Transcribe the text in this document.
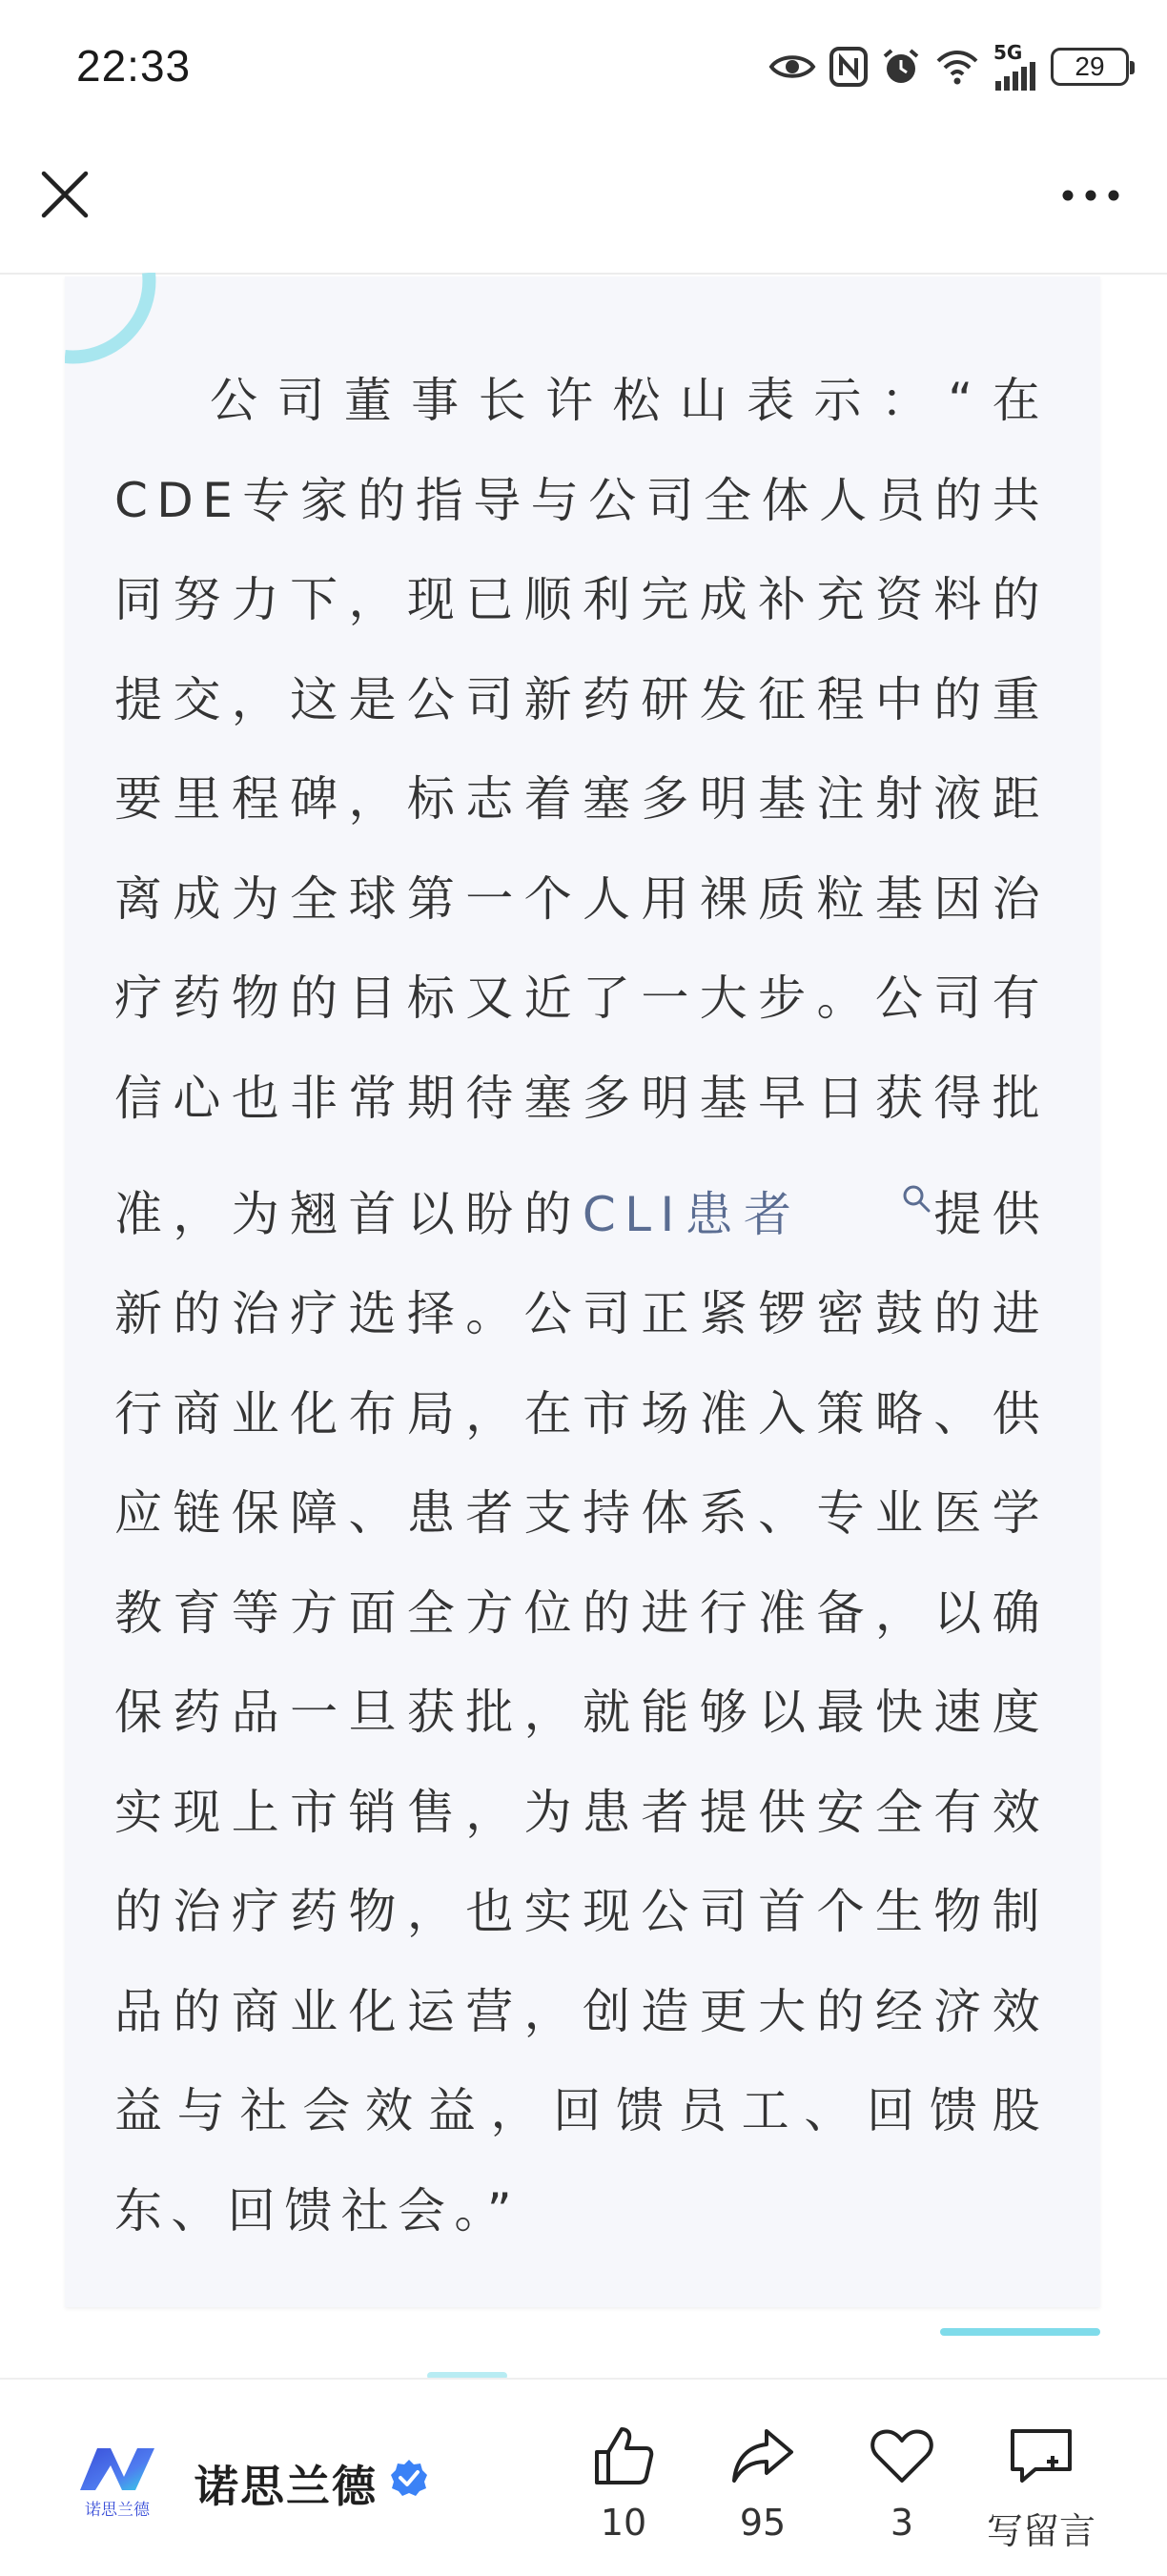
22:33	5G 29
公司董事长许松山表示：“在CDE专家的指导与公司全体人员的共同努力下，现已顺利完成补充资料的提交，这是公司新药研发征程中的重要里程碑，标志着塞多明基注射液距离成为全球第一个人用裸质粒基因治疗药物的目标又近了一大步。公司有信心也非常期待塞多明基早日获得批准，为翘首以盼的CLI患者	提供新的治疗选择。公司正紧锣密鼓的进行商业化布局，在市场准入策略、供应链保障、患者支持体系、专业医学教育等方面全方位的进行准备，以确保药品一旦获批，就能够以最快速度实现上市销售，为患者提供安全有效的治疗药物，也实现公司首个生物制品的商业化运营，创造更大的经济效益与社会效益，回馈员工、回馈股东、回馈社会。”
诺思兰德 诺思兰德
10	95	3	写留言
